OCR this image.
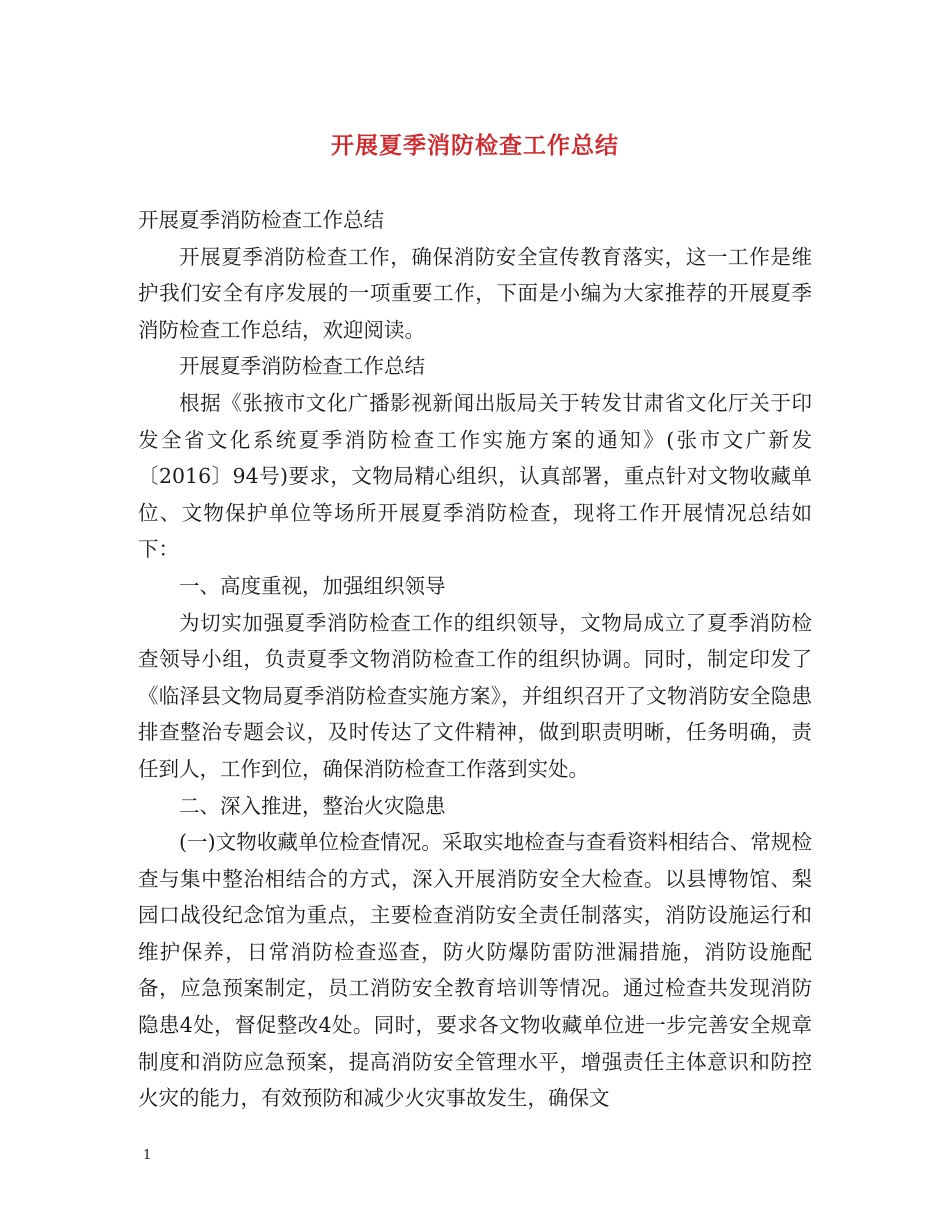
开展夏季消防检查工作总结

开展夏季消防检查工作总结

开展夏季消防检查工作，确保消防安全宣传教育落实，这一工作是维护我们安全有序发展的一项重要工作，下面是小编为大家推荐的开展夏季消防检查工作总结，欢迎阅读。

开展夏季消防检查工作总结

根据《张掖市文化广播影视新闻出版局关于转发甘肃省文化厅关于印发全省文化系统夏季消防检查工作实施方案的通知》(张市文广新发〔2016〕94号)要求，文物局精心组织，认真部署，重点针对文物收藏单位、文物保护单位等场所开展夏季消防检查，现将工作开展情况总结如下：

一、高度重视，加强组织领导

为切实加强夏季消防检查工作的组织领导，文物局成立了夏季消防检查领导小组，负责夏季文物消防检查工作的组织协调。同时，制定印发了《临泽县文物局夏季消防检查实施方案》，并组织召开了文物消防安全隐患排查整治专题会议，及时传达了文件精神，做到职责明晰，任务明确，责任到人，工作到位，确保消防检查工作落到实处。

二、深入推进，整治火灾隐患

(一)文物收藏单位检查情况。采取实地检查与查看资料相结合、常规检查与集中整治相结合的方式，深入开展消防安全大检查。以县博物馆、梨园口战役纪念馆为重点，主要检查消防安全责任制落实，消防设施运行和维护保养，日常消防检查巡查，防火防爆防雷防泄漏措施，消防设施配备，应急预案制定，员工消防安全教育培训等情况。通过检查共发现消防隐患4处，督促整改4处。同时，要求各文物收藏单位进一步完善安全规章制度和消防应急预案，提高消防安全管理水平，增强责任主体意识和防控火灾的能力，有效预防和减少火灾事故发生，确保文

1
